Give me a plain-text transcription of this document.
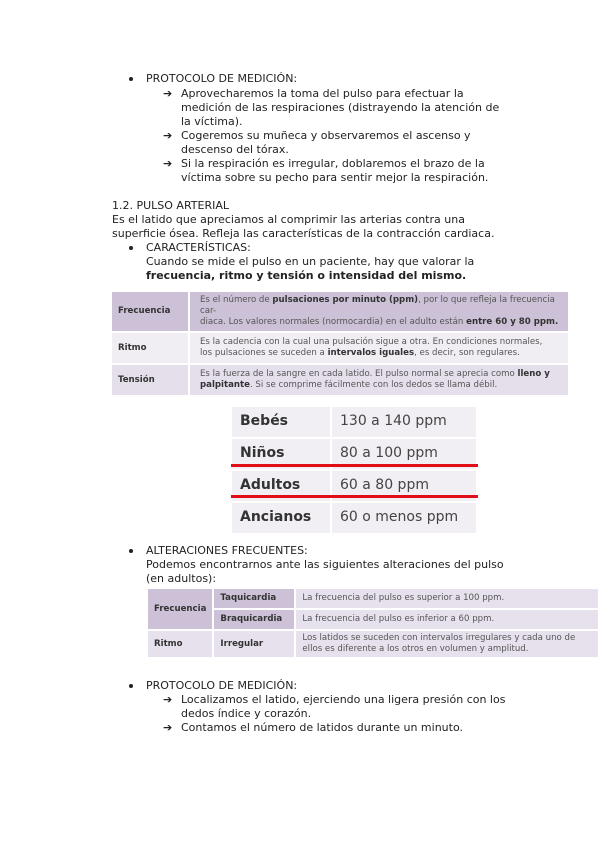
PROTOCOLO DE MEDICIÓN:
➔ Aprovecharemos la toma del pulso para efectuar la
medición de las respiraciones (distrayendo la atención de
la víctima).
➔ Cogeremos su muñeca y observaremos el ascenso y
descenso del tórax.
➔ Si la respiración es irregular, doblaremos el brazo de la
víctima sobre su pecho para sentir mejor la respiración.
1.2. PULSO ARTERIAL
Es el latido que apreciamos al comprimir las arterias contra una
superficie ósea. Refleja las características de la contracción cardiaca.
CARACTERÍSTICAS:
Cuando se mide el pulso en un paciente, hay que valorar la
frecuencia, ritmo y tensión o intensidad del mismo.
Frecuencia		Es el número de pulsaciones por minuto (ppm), por lo que refleja la frecuencia car-
diaca. Los valores normales (normocardia) en el adulto están entre 60 y 80 ppm.
Ritmo		Es la cadencia con la cual una pulsación sigue a otra. En condiciones normales,
los pulsaciones se suceden a intervalos iguales, es decir, son regulares.
Tensión		Es la fuerza de la sangre en cada latido. El pulso normal se aprecia como lleno y
palpitante. Si se comprime fácilmente con los dedos se llama débil.
Bebés	130 a 140 ppm
Niños	80 a 100 ppm
Adultos	60 a 80 ppm
Ancianos	60 o menos ppm
ALTERACIONES FRECUENTES:
Podemos encontrarnos ante las siguientes alteraciones del pulso
(en adultos):
Frecuencia	Taquicardia	La frecuencia del pulso es superior a 100 ppm.
	Braquicardia	La frecuencia del pulso es inferior a 60 ppm.
Ritmo	Irregular	Los latidos se suceden con intervalos irregulares y cada uno de
ellos es diferente a los otros en volumen y amplitud.
PROTOCOLO DE MEDICIÓN:
➔ Localizamos el latido, ejerciendo una ligera presión con los
dedos índice y corazón.
➔ Contamos el número de latidos durante un minuto.
